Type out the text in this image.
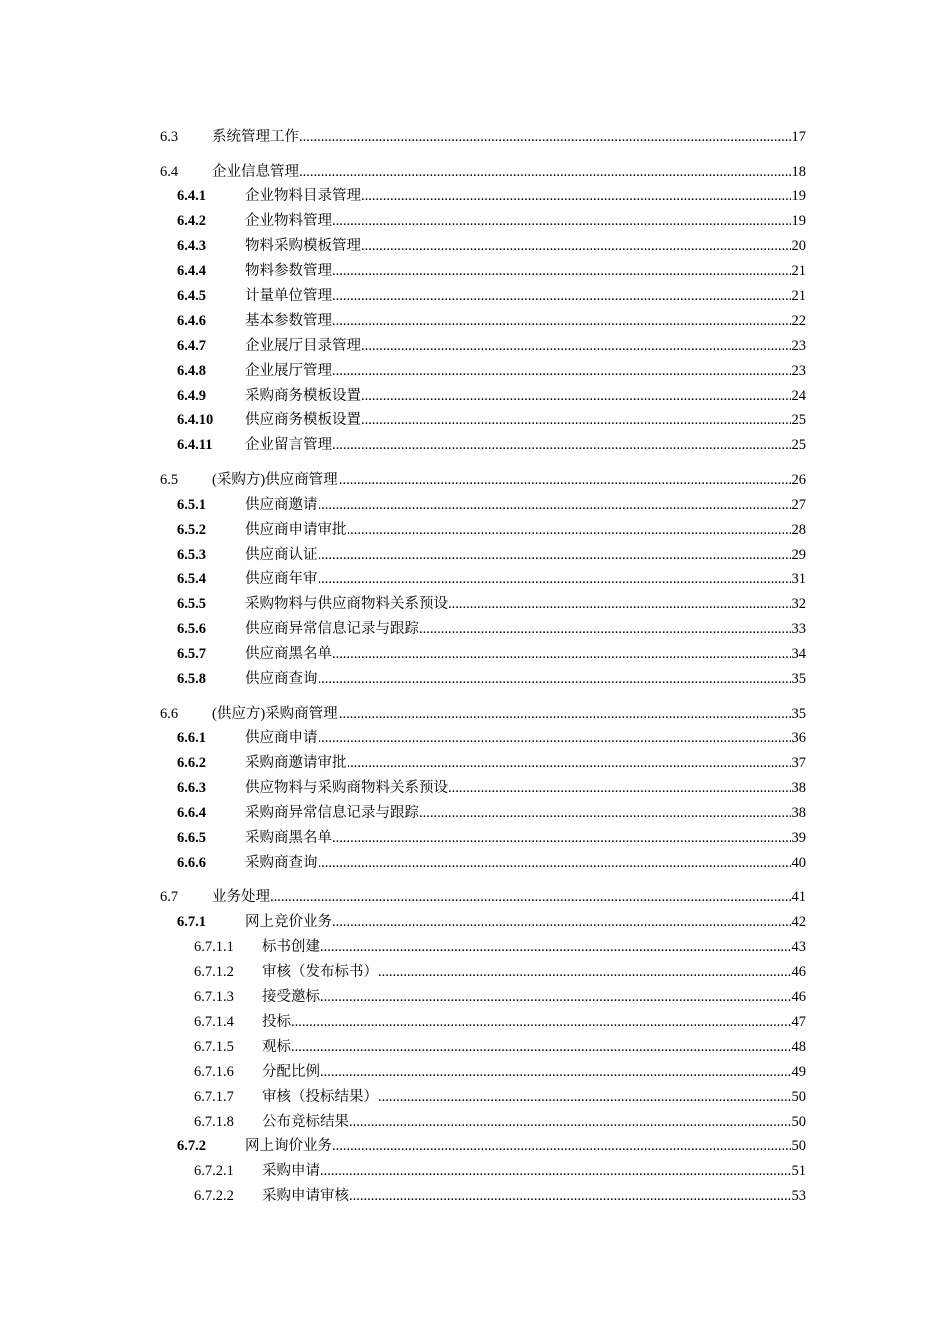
.....
6.3 系统管理工作	17
.....
6.4 企业信息管理	18
.....
6.4.1	企业物料目录管理	19
.....
6.4.2	企业物料管理	19
.....
6.4.3	物料采购模板管理	20
.....
6.4.4	物料参数管理	21
.....
6.4.5	计量单位管理	21
.....
6.4.6	基本参数管理	22
.....
6.4.7	企业展厅目录管理	23
.....
6.4.8	企业展厅管理	23
.....
6.4.9	采购商务模板设置	24
.....
6.4.10 供应商务模板设置	25
.....
6.4.11 企业留言管理	25
.....
6.5 (采购方)供应商管理	26
.....
6.5.1	供应商邀请	27
.....
6.5.2	供应商申请审批	28
.....
6.5.3	供应商认证	29
.....
6.5.4	供应商年审	31
.....
6.5.5	采购物料与供应商物料关系预设	32
.....
6.5.6	供应商异常信息记录与跟踪	33
.....
6.5.7	供应商黑名单	34
.....
6.5.8	供应商查询	35
.....
6.6 (供应方)采购商管理	35
.....
6.6.1	供应商申请	36
.....
6.6.2	采购商邀请审批	37
.....
6.6.3	供应物料与采购商物料关系预设	38
.....
6.6.4	采购商异常信息记录与跟踪	38
.....
6.6.5	采购商黑名单	39
.....
6.6.6	采购商查询	40
.....
6.7 业务处理	41
.....
6.7.1	网上竞价业务	42
.....
6.7.1.1 标书创建	43
.....
6.7.1.2 审核（发布标书）	46
.....
6.7.1.3 接受邀标	46
.....
6.7.1.4 投标	47
.....
6.7.1.5 观标	48
.....
6.7.1.6 分配比例	49
.....
6.7.1.7 审核（投标结果）	50
.....
6.7.1.8 公布竞标结果	50
.....
6.7.2	网上询价业务	50
.....
6.7.2.1 采购申请	51
.....
6.7.2.2 采购申请审核	53
